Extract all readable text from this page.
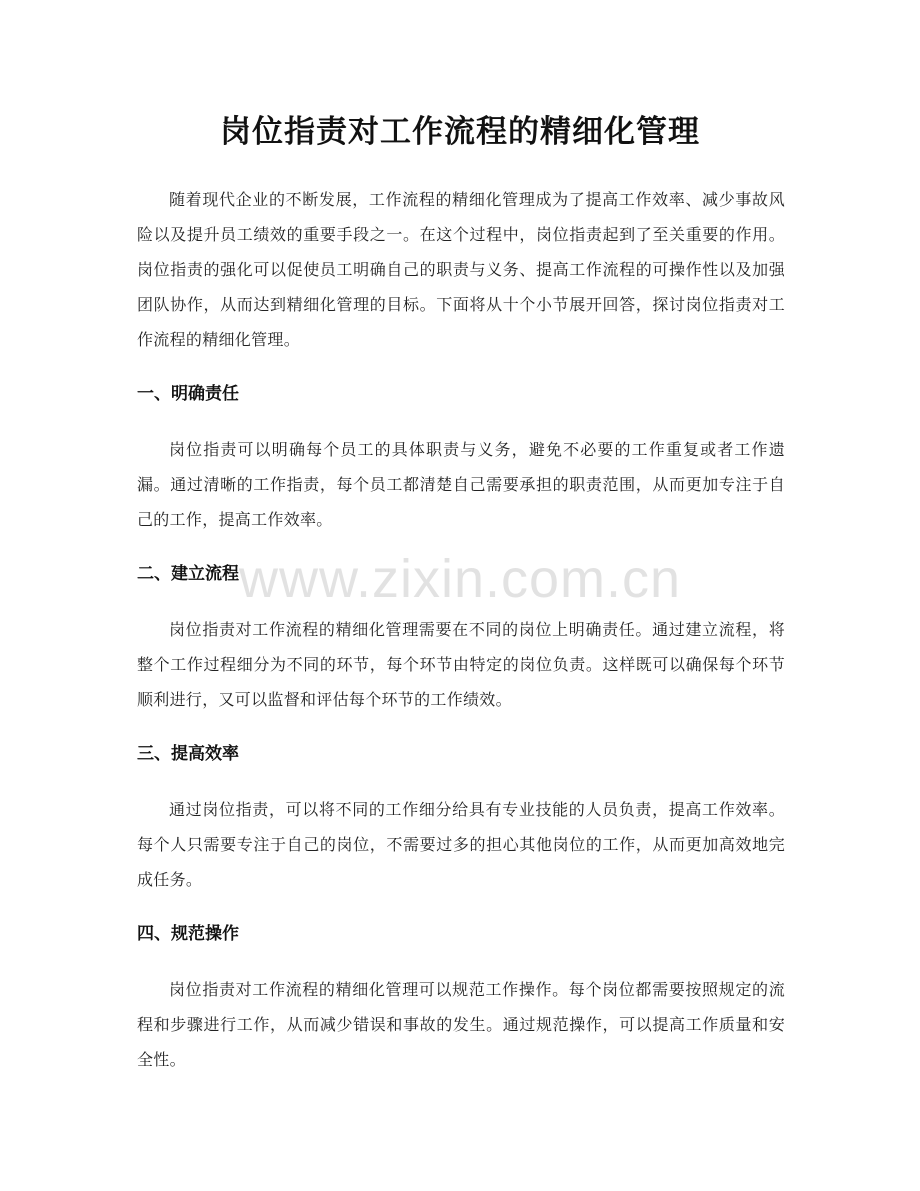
岗位指责对工作流程的精细化管理

随着现代企业的不断发展，工作流程的精细化管理成为了提高工作效率、减少事故风险以及提升员工绩效的重要手段之一。在这个过程中，岗位指责起到了至关重要的作用。岗位指责的强化可以促使员工明确自己的职责与义务、提高工作流程的可操作性以及加强团队协作，从而达到精细化管理的目标。下面将从十个小节展开回答，探讨岗位指责对工作流程的精细化管理。

一、明确责任

岗位指责可以明确每个员工的具体职责与义务，避免不必要的工作重复或者工作遗漏。通过清晰的工作指责，每个员工都清楚自己需要承担的职责范围，从而更加专注于自己的工作，提高工作效率。

二、建立流程

岗位指责对工作流程的精细化管理需要在不同的岗位上明确责任。通过建立流程，将整个工作过程细分为不同的环节，每个环节由特定的岗位负责。这样既可以确保每个环节顺利进行，又可以监督和评估每个环节的工作绩效。

三、提高效率

通过岗位指责，可以将不同的工作细分给具有专业技能的人员负责，提高工作效率。每个人只需要专注于自己的岗位，不需要过多的担心其他岗位的工作，从而更加高效地完成任务。

四、规范操作

岗位指责对工作流程的精细化管理可以规范工作操作。每个岗位都需要按照规定的流程和步骤进行工作，从而减少错误和事故的发生。通过规范操作，可以提高工作质量和安全性。

www.zixin.com.cn
